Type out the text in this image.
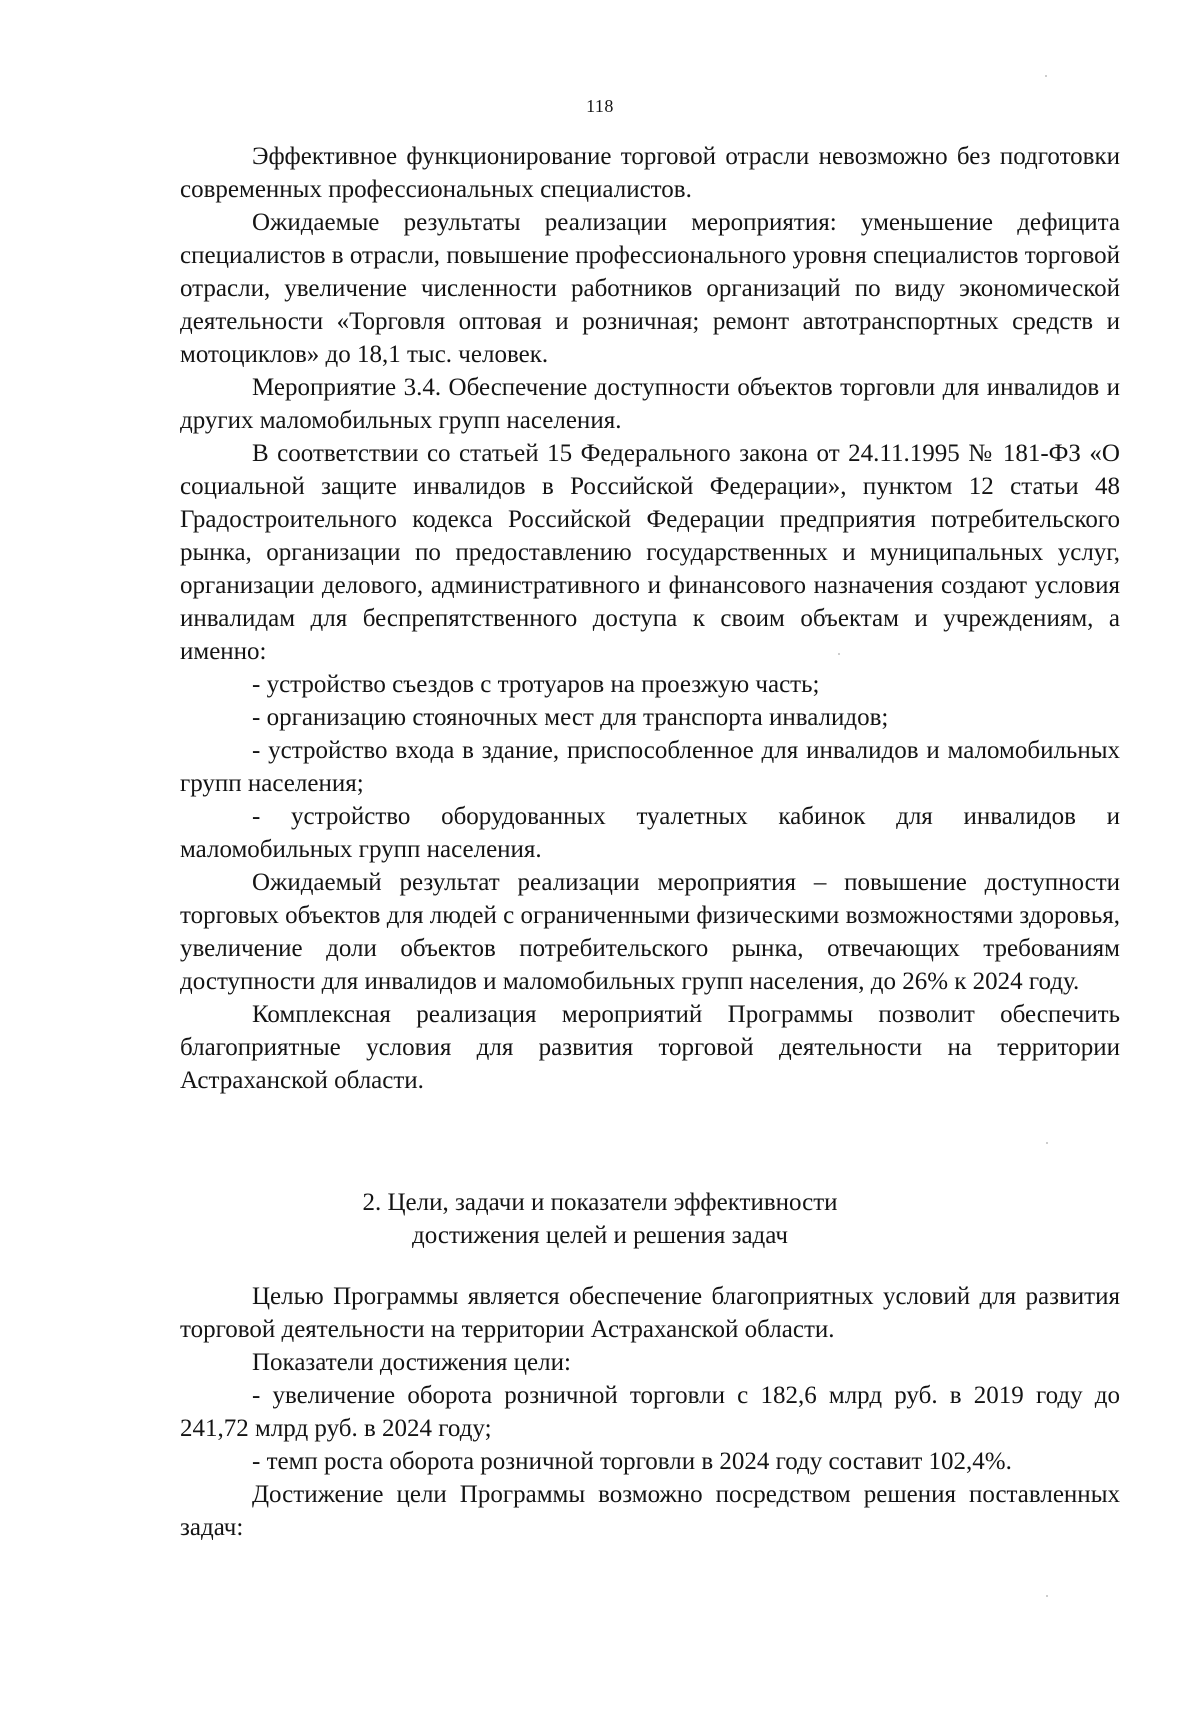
118

Эффективное функционирование торговой отрасли невозможно без подготовки современных профессиональных специалистов.

Ожидаемые результаты реализации мероприятия: уменьшение дефицита специалистов в отрасли, повышение профессионального уровня специалистов торговой отрасли, увеличение численности работников организаций по виду экономической деятельности «Торговля оптовая и розничная; ремонт автотранспортных средств и мотоциклов» до 18,1 тыс. человек.

Мероприятие 3.4. Обеспечение доступности объектов торговли для инвалидов и других маломобильных групп населения.

В соответствии со статьей 15 Федерального закона от 24.11.1995 № 181-ФЗ «О социальной защите инвалидов в Российской Федерации», пунктом 12 статьи 48 Градостроительного кодекса Российской Федерации предприятия потребительского рынка, организации по предоставлению государственных и муниципальных услуг, организации делового, административного и финансового назначения создают условия инвалидам для беспрепятственного доступа к своим объектам и учреждениям, а именно:

- устройство съездов с тротуаров на проезжую часть;

- организацию стояночных мест для транспорта инвалидов;

- устройство входа в здание, приспособленное для инвалидов и маломобильных групп населения;

- устройство оборудованных туалетных кабинок для инвалидов и маломобильных групп населения.

Ожидаемый результат реализации мероприятия – повышение доступности торговых объектов для людей с ограниченными физическими возможностями здоровья, увеличение доли объектов потребительского рынка, отвечающих требованиям доступности для инвалидов и маломобильных групп населения, до 26% к 2024 году.

Комплексная реализация мероприятий Программы позволит обеспечить благоприятные условия для развития торговой деятельности на территории Астраханской области.

2. Цели, задачи и показатели эффективности
достижения целей и решения задач

Целью Программы является обеспечение благоприятных условий для развития торговой деятельности на территории Астраханской области.

Показатели достижения цели:

- увеличение оборота розничной торговли с 182,6 млрд руб. в 2019 году до 241,72 млрд руб. в 2024 году;

- темп роста оборота розничной торговли в 2024 году составит 102,4%.

Достижение цели Программы возможно посредством решения поставленных задач:
